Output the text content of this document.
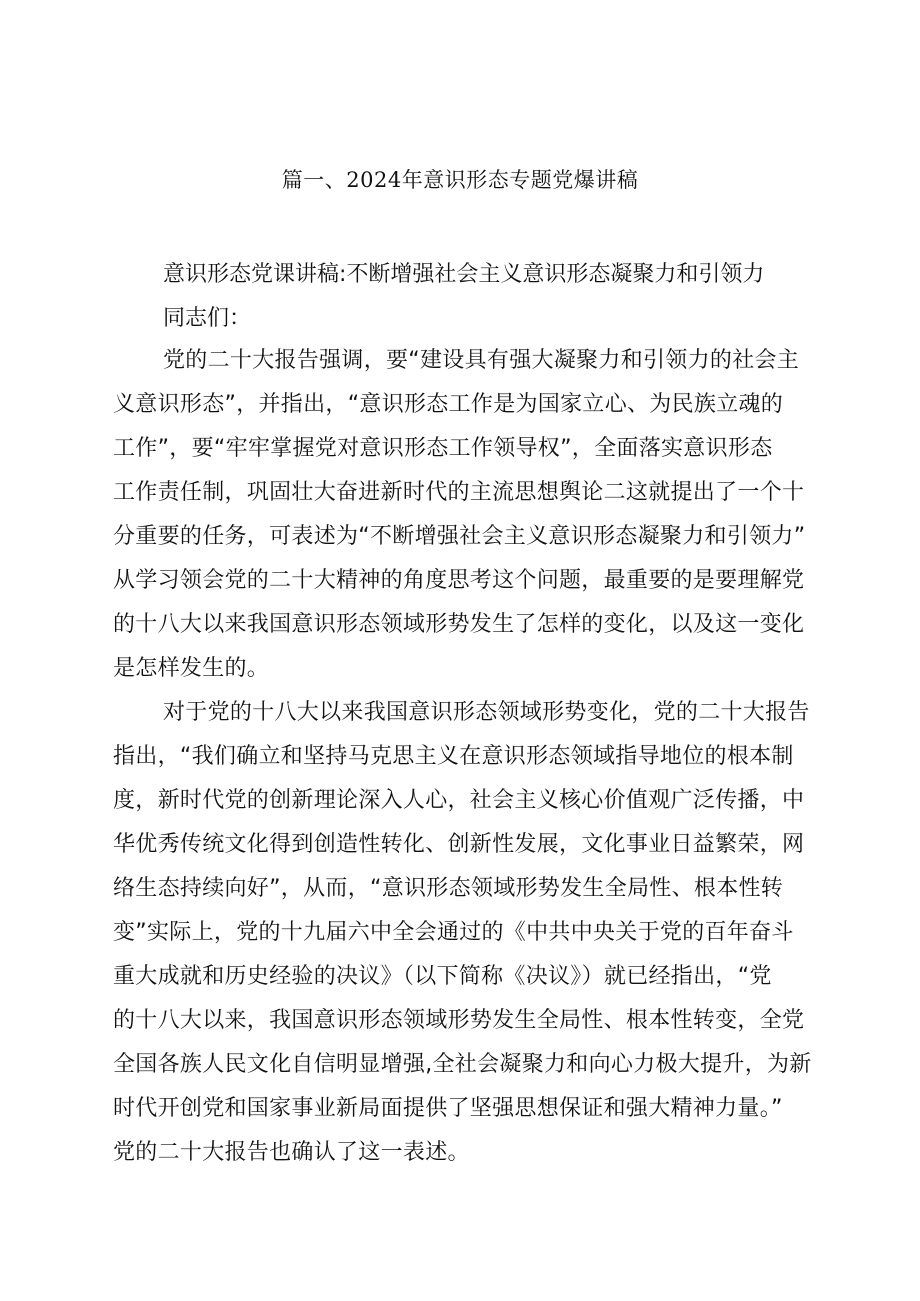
篇一、2024年意识形态专题党爆讲稿
意识形态党课讲稿:不断增强社会主义意识形态凝聚力和引领力
同志们：
党的二十大报告强调，要“建设具有强大凝聚力和引领力的社会主
义意识形态”，并指出，“意识形态工作是为国家立心、为民族立魂的
工作”，要“牢牢掌握党对意识形态工作领导权”，全面落实意识形态
工作责任制，巩固壮大奋进新时代的主流思想舆论二这就提出了一个十
分重要的任务，可表述为“不断增强社会主义意识形态凝聚力和引领力”
从学习领会党的二十大精神的角度思考这个问题，最重要的是要理解党
的十八大以来我国意识形态领域形势发生了怎样的变化，以及这一变化
是怎样发生的。
对于党的十八大以来我国意识形态领域形势变化，党的二十大报告
指出，“我们确立和坚持马克思主义在意识形态领域指导地位的根本制
度，新时代党的创新理论深入人心，社会主义核心价值观广泛传播，中
华优秀传统文化得到创造性转化、创新性发展，文化事业日益繁荣，网
络生态持续向好”，从而，“意识形态领域形势发生全局性、根本性转
变”实际上，党的十九届六中全会通过的《中共中央关于党的百年奋斗
重大成就和历史经验的决议》（以下简称《决议》）就已经指出，“党
的十八大以来，我国意识形态领域形势发生全局性、根本性转变，全党
全国各族人民文化自信明显增强,全社会凝聚力和向心力极大提升，为新
时代开创党和国家事业新局面提供了坚强思想保证和强大精神力量。”
党的二十大报告也确认了这一表述。
